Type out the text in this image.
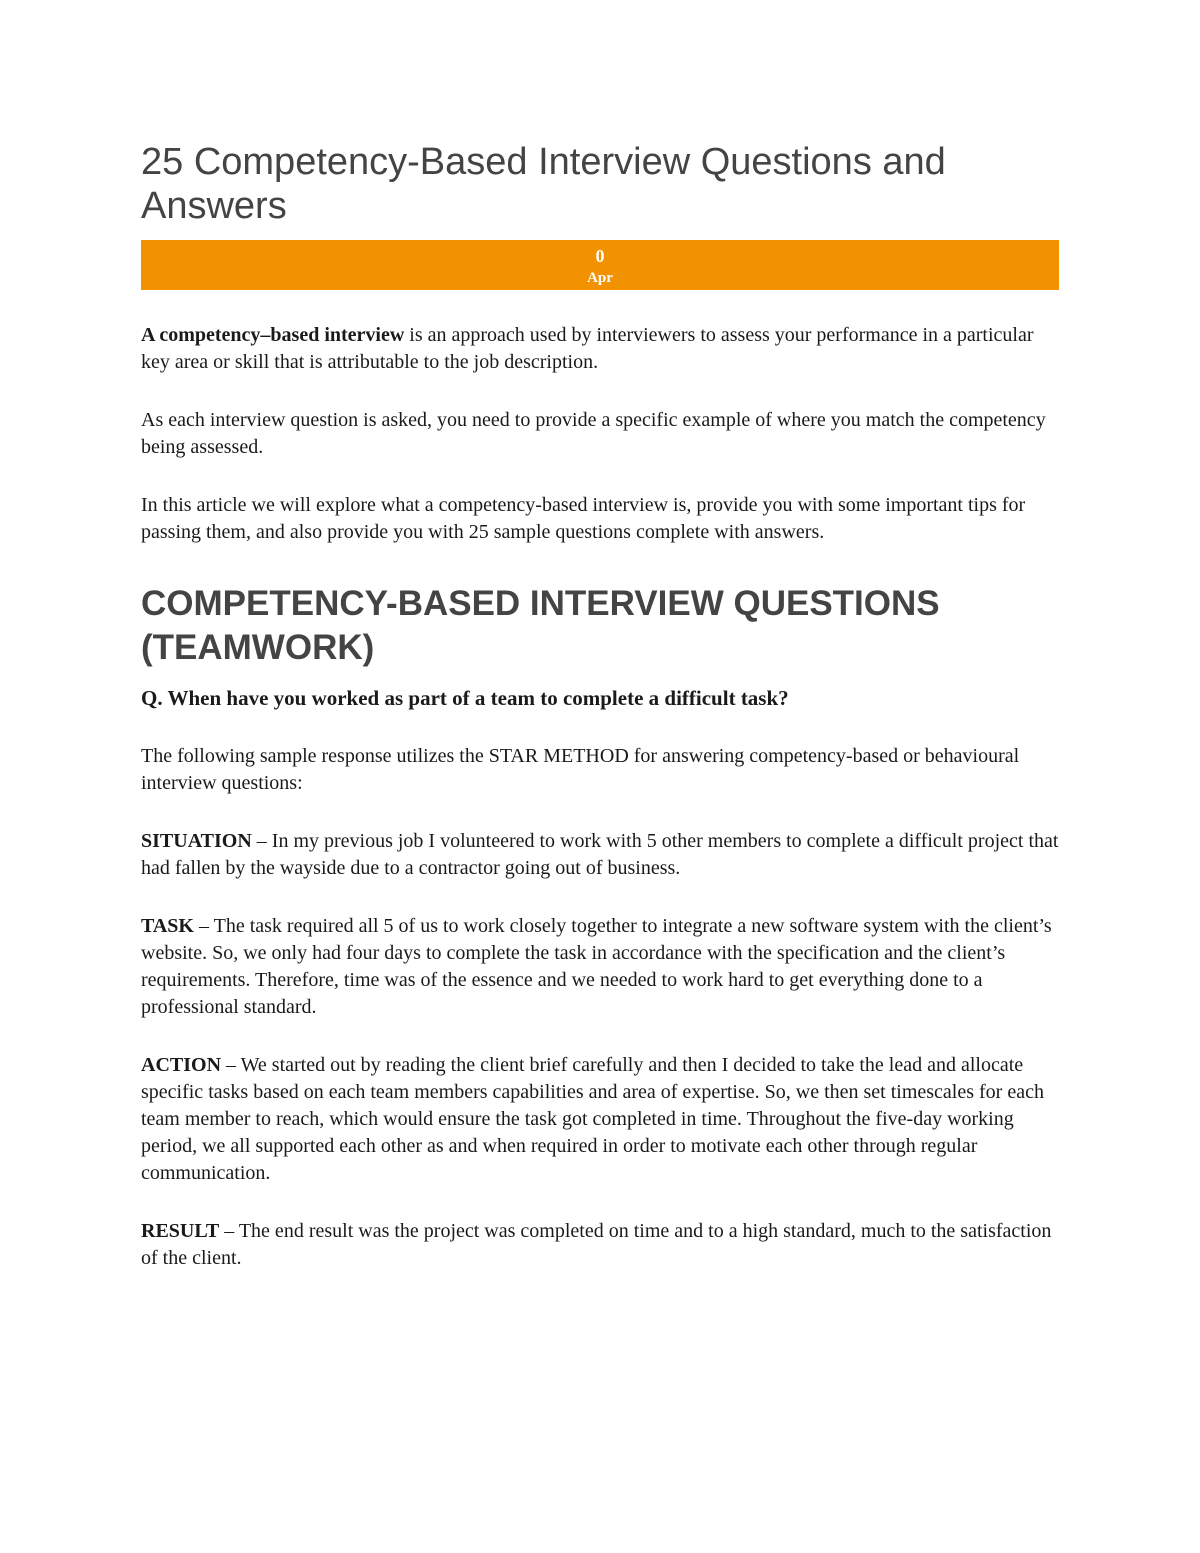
25 Competency-Based Interview Questions and Answers
0
Apr

A competency–based interview is an approach used by interviewers to assess your performance in a particular key area or skill that is attributable to the job description.

As each interview question is asked, you need to provide a specific example of where you match the competency being assessed.

In this article we will explore what a competency-based interview is, provide you with some important tips for passing them, and also provide you with 25 sample questions complete with answers.

COMPETENCY-BASED INTERVIEW QUESTIONS (TEAMWORK)

Q. When have you worked as part of a team to complete a difficult task?

The following sample response utilizes the STAR METHOD for answering competency-based or behavioural interview questions:

SITUATION – In my previous job I volunteered to work with 5 other members to complete a difficult project that had fallen by the wayside due to a contractor going out of business.

TASK – The task required all 5 of us to work closely together to integrate a new software system with the client’s website. So, we only had four days to complete the task in accordance with the specification and the client’s requirements. Therefore, time was of the essence and we needed to work hard to get everything done to a professional standard.

ACTION – We started out by reading the client brief carefully and then I decided to take the lead and allocate specific tasks based on each team members capabilities and area of expertise. So, we then set timescales for each team member to reach, which would ensure the task got completed in time. Throughout the five-day working period, we all supported each other as and when required in order to motivate each other through regular communication.

RESULT – The end result was the project was completed on time and to a high standard, much to the satisfaction of the client.
